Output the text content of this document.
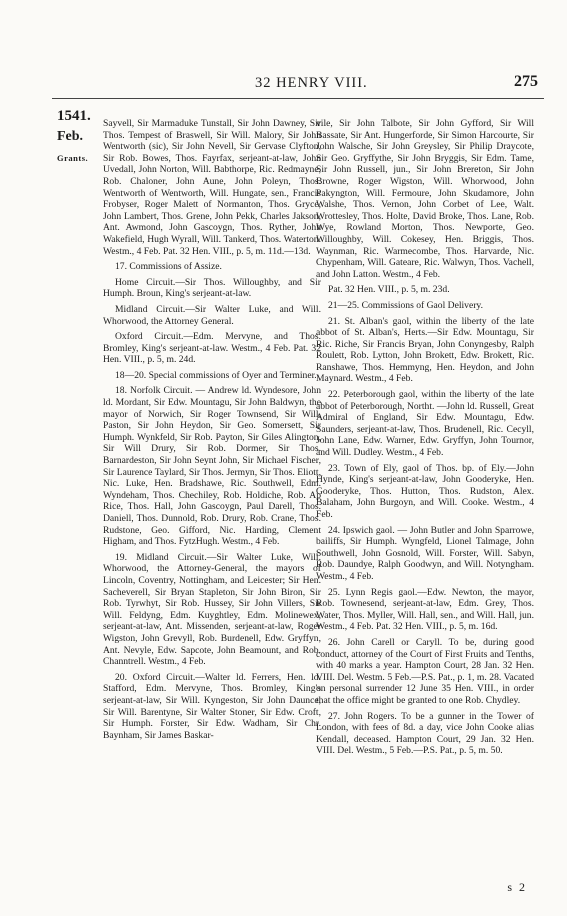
32 HENRY VIII.	275
1541.
Feb.
Grants.

Sayvell, Sir Marmaduke Tunstall, Sir John Dawney, Sir Thos. Tempest of Braswell, Sir Will. Malory, Sir John Wentworth (sic), Sir John Nevell, Sir Gervase Clyfton, Sir Rob. Bowes, Thos. Fayrfax, serjeant-at-law, John Uvedall, John Norton, Will. Babthorpe, Ric. Redmayne, Rob. Chaloner, John Aune, John Poleyn, Thos. Wentworth of Wentworth, Will. Hungate, sen., Francis Frobyser, Roger Malett of Normanton, Thos. Gryce, John Lambert, Thos. Grene, John Pekk, Charles Jakson, Ant. Awmond, John Gascoygn, Thos. Ryther, John Wakefield, Hugh Wyrall, Will. Tankerd, Thos. Waterton. Westm., 4 Feb. Pat. 32 Hen. VIII., p. 5, m. 11d.—13d.

17. Commissions of Assize.

Home Circuit.—Sir Thos. Willoughby, and Sir Humph. Broun, King's serjeant-at-law.

Midland Circuit.—Sir Walter Luke, and Will. Whorwood, the Attorney General.

Oxford Circuit.—Edm. Mervyne, and Thos. Bromley, King's serjeant-at-law. Westm., 4 Feb. Pat. 32 Hen. VIII., p. 5, m. 24d.

18—20. Special commissions of Oyer and Terminer.

18. Norfolk Circuit. — Andrew ld. Wyndesore, John ld. Mordant, Sir Edw. Mountagu, Sir John Baldwyn, the mayor of Norwich, Sir Roger Townsend, Sir Will. Paston, Sir John Heydon, Sir Geo. Somersett, Sir Humph. Wynkfeld, Sir Rob. Payton, Sir Giles Alington, Sir Will Drury, Sir Rob. Dormer, Sir Thos. Barnardeston, Sir John Seynt John, Sir Michael Fischer, Sir Laurence Taylard, Sir Thos. Jermyn, Sir Thos. Eliott, Nic. Luke, Hen. Bradshawe, Ric. Southwell, Edm. Wyndeham, Thos. Chechiley, Rob. Holdiche, Rob. Ap Rice, Thos. Hall, John Gascoygn, Paul Darell, Thos. Daniell, Thos. Dunnold, Rob. Drury, Rob. Crane, Thos. Rudstone, Geo. Gifford, Nic. Harding, Clement Higham, and Thos. FytzHugh. Westm., 4 Feb.

19. Midland Circuit.—Sir Walter Luke, Will. Whorwood, the Attorney-General, the mayors of Lincoln, Coventry, Nottingham, and Leicester; Sir Hen. Sacheverell, Sir Bryan Stapleton, Sir John Biron, Sir Rob. Tyrwhyt, Sir Rob. Hussey, Sir John Villers, Sir Will. Feldyng, Edm. Kuyghtley, Edm. Molinewex, serjeant-at-law, Ant. Missenden, serjeant-at-law, Roger Wigston, John Grevyll, Rob. Burdenell, Edw. Gryffyn, Ant. Nevyle, Edw. Sapcote, John Beamount, and Rob. Channtrell. Westm., 4 Feb.

20. Oxford Circuit.—Walter ld. Ferrers, Hen. ld. Stafford, Edm. Mervyne, Thos. Bromley, King's serjeant-at-law, Sir Will. Kyngeston, Sir John Daunce, Sir Will. Barentyne, Sir Walter Stoner, Sir Edw. Croft, Sir Humph. Forster, Sir Edw. Wadham, Sir Chr. Baynham, Sir James Baskar-

vile, Sir John Talbote, Sir John Gyfford, Sir Will Bassate, Sir Ant. Hungerforde, Sir Simon Harcourte, Sir John Walsche, Sir John Greysley, Sir Philip Draycote, Sir Geo. Gryffythe, Sir John Bryggis, Sir Edm. Tame, Sir John Russell, jun., Sir John Brereton, Sir John Browne, Roger Wigston, Will. Whorwood, John Pakyngton, Will. Fermoure, John Skudamore, John Walshe, Thos. Vernon, John Corbet of Lee, Walt. Wrottesley, Thos. Holte, David Broke, Thos. Lane, Rob. Wye, Rowland Morton, Thos. Newporte, Geo. Willoughby, Will. Cokesey, Hen. Briggis, Thos. Waynman, Ric. Warmecombe, Thos. Harvarde, Nic. Chypenham, Will. Gateare, Ric. Walwyn, Thos. Vachell, and John Latton. Westm., 4 Feb.

Pat. 32 Hen. VIII., p. 5, m. 23d.

21—25. Commissions of Gaol Delivery.

21. St. Alban's gaol, within the liberty of the late abbot of St. Alban's, Herts.—Sir Edw. Mountagu, Sir Ric. Riche, Sir Francis Bryan, John Conyngesby, Ralph Roulett, Rob. Lytton, John Brokett, Edw. Brokett, Ric. Ranshawe, Thos. Hemmyng, Hen. Heydon, and John Maynard. Westm., 4 Feb.

22. Peterborough gaol, within the liberty of the late abbot of Peterborough, Northt. —John ld. Russell, Great Admiral of England, Sir Edw. Mountagu, Edw. Saunders, serjeant-at-law, Thos. Brudenell, Ric. Cecyll, John Lane, Edw. Warner, Edw. Gryffyn, John Tournor, and Will. Dudley. Westm., 4 Feb.

23. Town of Ely, gaol of Thos. bp. of Ely.—John Hynde, King's serjeant-at-law, John Gooderyke, Hen. Gooderyke, Thos. Hutton, Thos. Rudston, Alex. Balaham, John Burgoyn, and Will. Cooke. Westm., 4 Feb.

24. Ipswich gaol. — John Butler and John Sparrowe, bailiffs, Sir Humph. Wyngfeld, Lionel Talmage, John Southwell, John Gosnold, Will. Forster, Will. Sabyn, Rob. Daundye, Ralph Goodwyn, and Will. Notyngham. Westm., 4 Feb.

25. Lynn Regis gaol.—Edw. Newton, the mayor, Rob. Townesend, serjeant-at-law, Edm. Grey, Thos. Water, Thos. Myller, Will. Hall, sen., and Will. Hall, jun. Westm., 4 Feb. Pat. 32 Hen. VIII., p. 5, m. 16d.

26. John Carell or Caryll. To be, during good conduct, attorney of the Court of First Fruits and Tenths, with 40 marks a year. Hampton Court, 28 Jan. 32 Hen. VIII. Del. Westm. 5 Feb.—P.S. Pat., p. 1, m. 28. Vacated on personal surrender 12 June 35 Hen. VIII., in order that the office might be granted to one Rob. Chydley.

27. John Rogers. To be a gunner in the Tower of London, with fees of 8d. a day, vice John Cooke alias Kendall, deceased. Hampton Court, 29 Jan. 32 Hen. VIII. Del. Westm., 5 Feb.—P.S. Pat., p. 5, m. 50.

s 2
